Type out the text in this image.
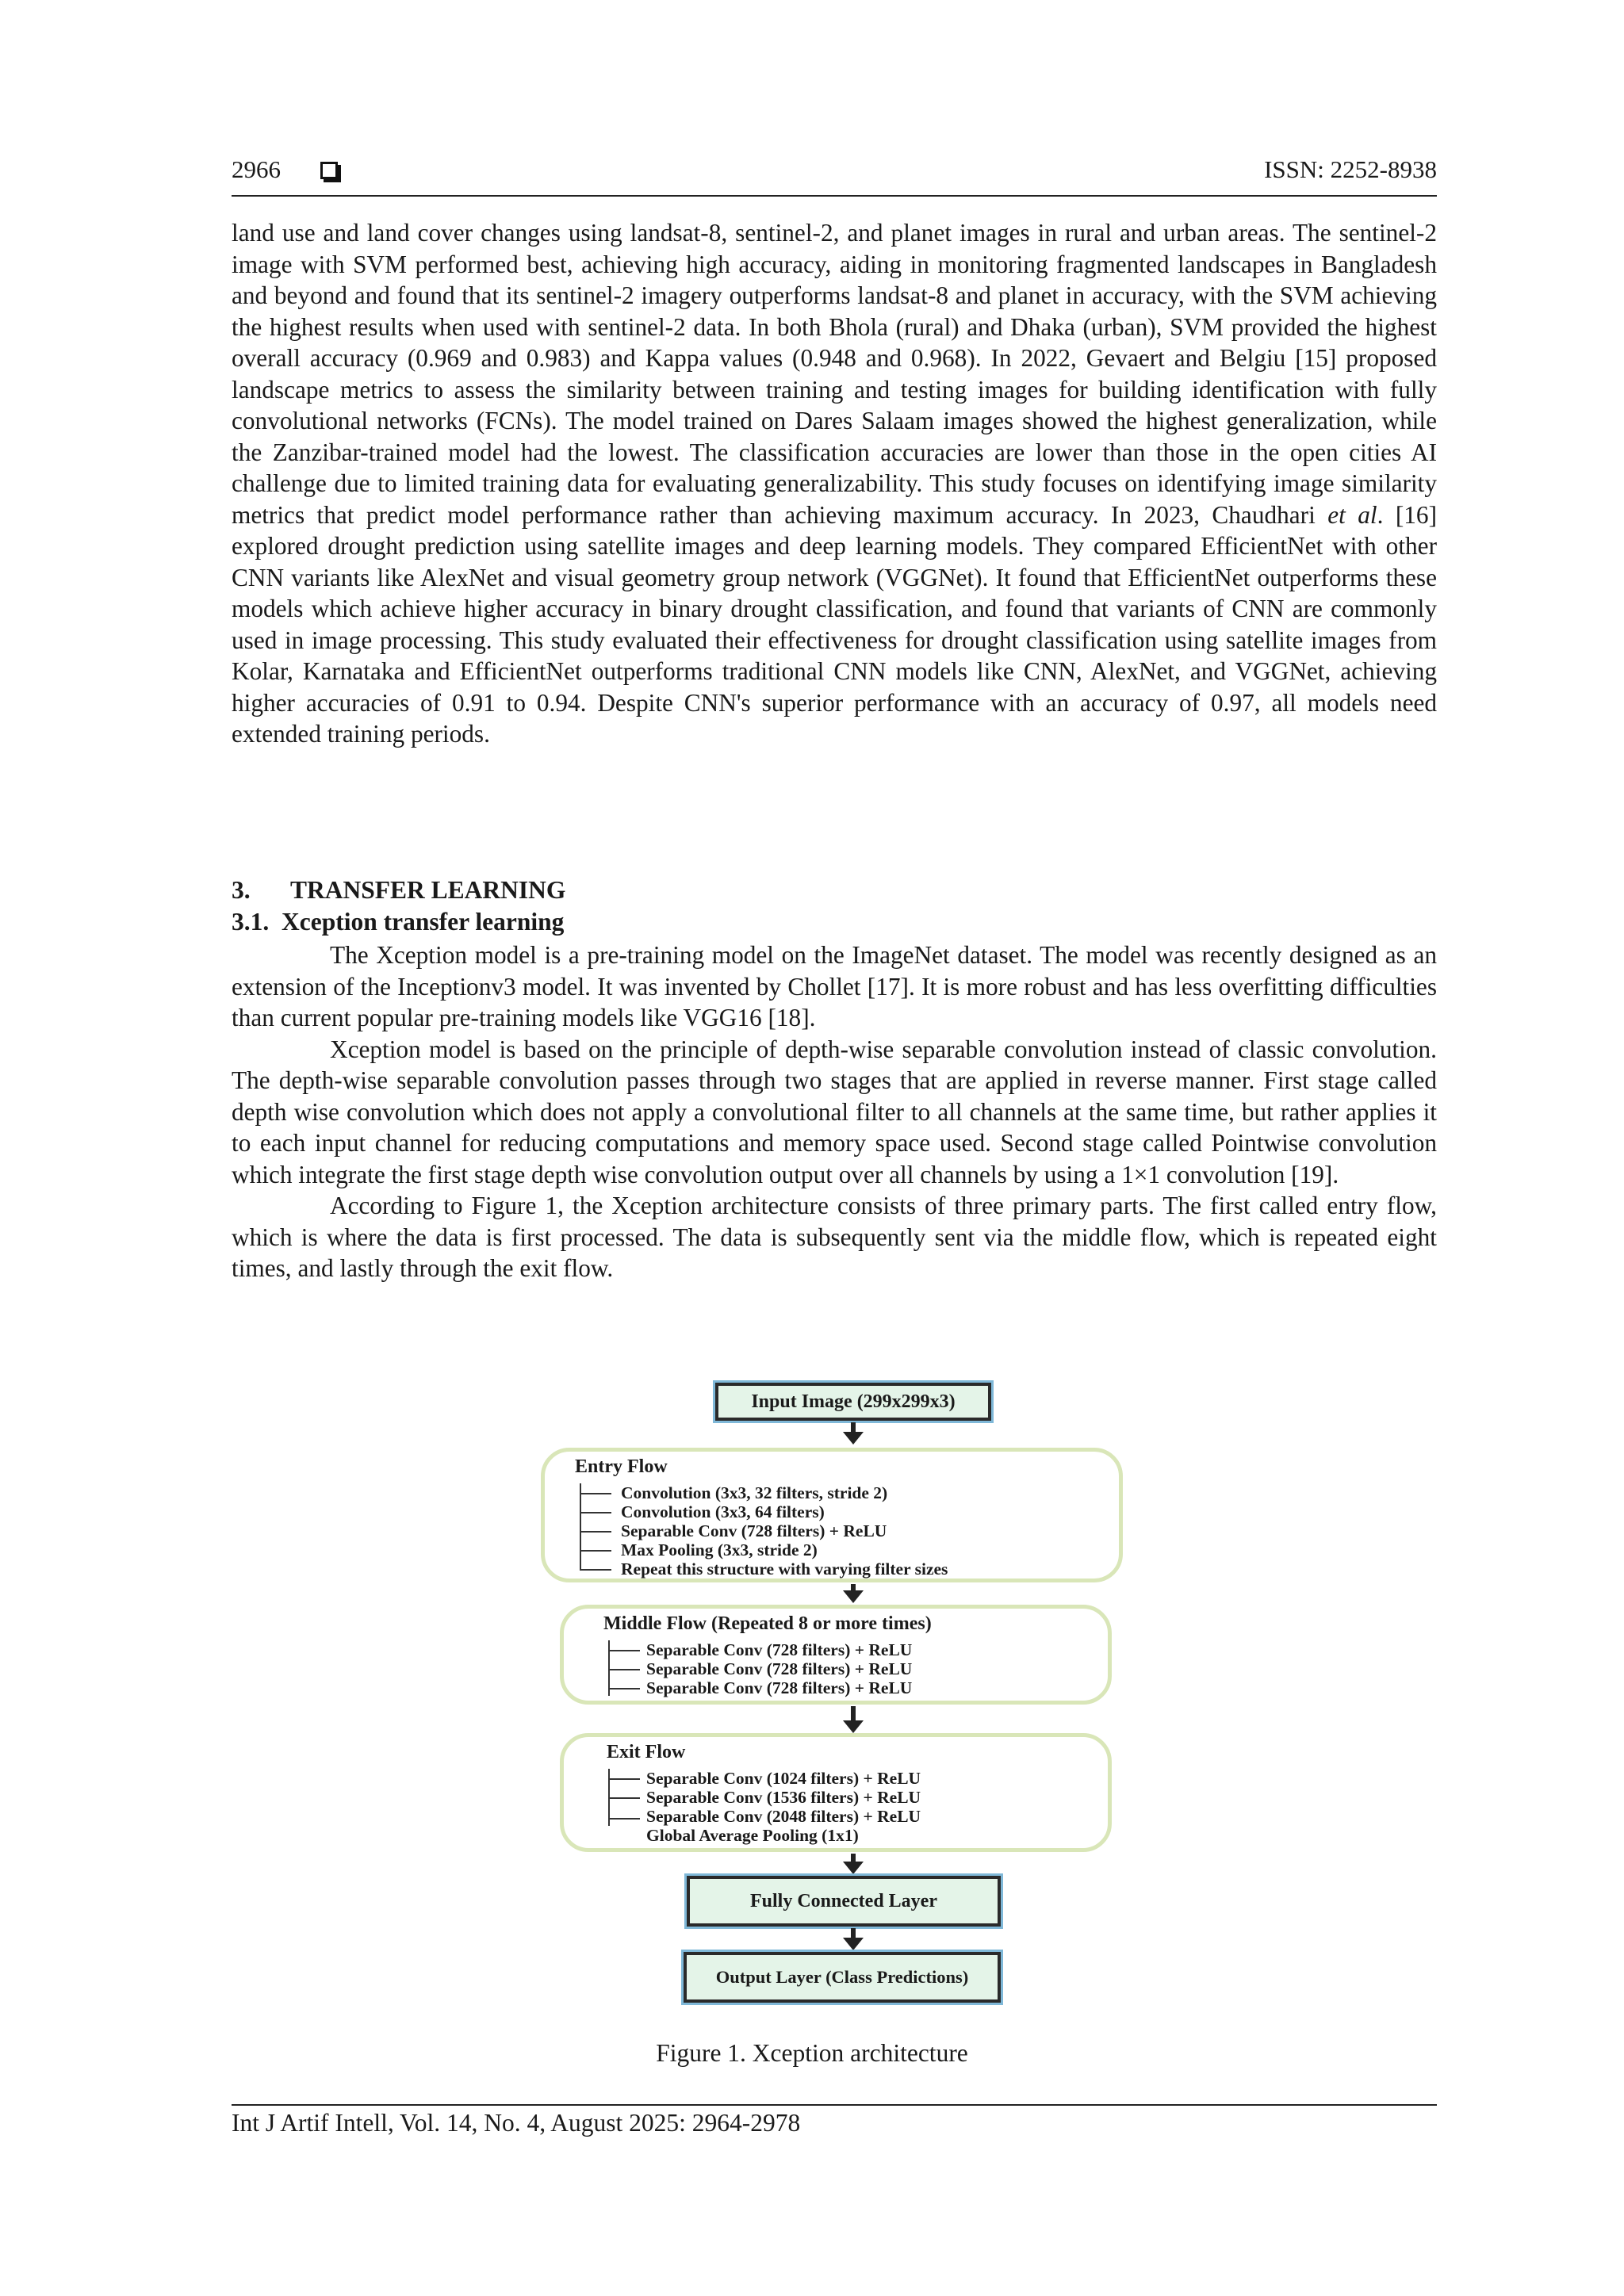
2966	ISSN: 2252-8938

land use and land cover changes using landsat-8, sentinel-2, and planet images in rural and urban areas. The sentinel-2 image with SVM performed best, achieving high accuracy, aiding in monitoring fragmented landscapes in Bangladesh and beyond and found that its sentinel-2 imagery outperforms landsat-8 and planet in accuracy, with the SVM achieving the highest results when used with sentinel-2 data. In both Bhola (rural) and Dhaka (urban), SVM provided the highest overall accuracy (0.969 and 0.983) and Kappa values (0.948 and 0.968). In 2022, Gevaert and Belgiu [15] proposed landscape metrics to assess the similarity between training and testing images for building identification with fully convolutional networks (FCNs). The model trained on Dares Salaam images showed the highest generalization, while the Zanzibar-trained model had the lowest. The classification accuracies are lower than those in the open cities AI challenge due to limited training data for evaluating generalizability. This study focuses on identifying image similarity metrics that predict model performance rather than achieving maximum accuracy. In 2023, Chaudhari et al. [16] explored drought prediction using satellite images and deep learning models. They compared EfficientNet with other CNN variants like AlexNet and visual geometry group network (VGGNet). It found that EfficientNet outperforms these models which achieve higher accuracy in binary drought classification, and found that variants of CNN are commonly used in image processing. This study evaluated their effectiveness for drought classification using satellite images from Kolar, Karnataka and EfficientNet outperforms traditional CNN models like CNN, AlexNet, and VGGNet, achieving higher accuracies of 0.91 to 0.94. Despite CNN's superior performance with an accuracy of 0.97, all models need extended training periods.

3. TRANSFER LEARNING
3.1. Xception transfer learning

The Xception model is a pre-training model on the ImageNet dataset. The model was recently designed as an extension of the Inceptionv3 model. It was invented by Chollet [17]. It is more robust and has less overfitting difficulties than current popular pre-training models like VGG16 [18].

Xception model is based on the principle of depth-wise separable convolution instead of classic convolution. The depth-wise separable convolution passes through two stages that are applied in reverse manner. First stage called depth wise convolution which does not apply a convolutional filter to all channels at the same time, but rather applies it to each input channel for reducing computations and memory space used. Second stage called Pointwise convolution which integrate the first stage depth wise convolution output over all channels by using a 1×1 convolution [19].

According to Figure 1, the Xception architecture consists of three primary parts. The first called entry flow, which is where the data is first processed. The data is subsequently sent via the middle flow, which is repeated eight times, and lastly through the exit flow.

Input Image (299x299x3)
Entry Flow
Convolution (3x3, 32 filters, stride 2)
Convolution (3x3, 64 filters)
Separable Conv (728 filters) + ReLU
Max Pooling (3x3, stride 2)
Repeat this structure with varying filter sizes
Middle Flow (Repeated 8 or more times)
Separable Conv (728 filters) + ReLU
Separable Conv (728 filters) + ReLU
Separable Conv (728 filters) + ReLU
Exit Flow
Separable Conv (1024 filters) + ReLU
Separable Conv (1536 filters) + ReLU
Separable Conv (2048 filters) + ReLU
Global Average Pooling (1x1)
Fully Connected Layer
Output Layer (Class Predictions)
Figure 1. Xception architecture
Int J Artif Intell, Vol. 14, No. 4, August 2025: 2964-2978
